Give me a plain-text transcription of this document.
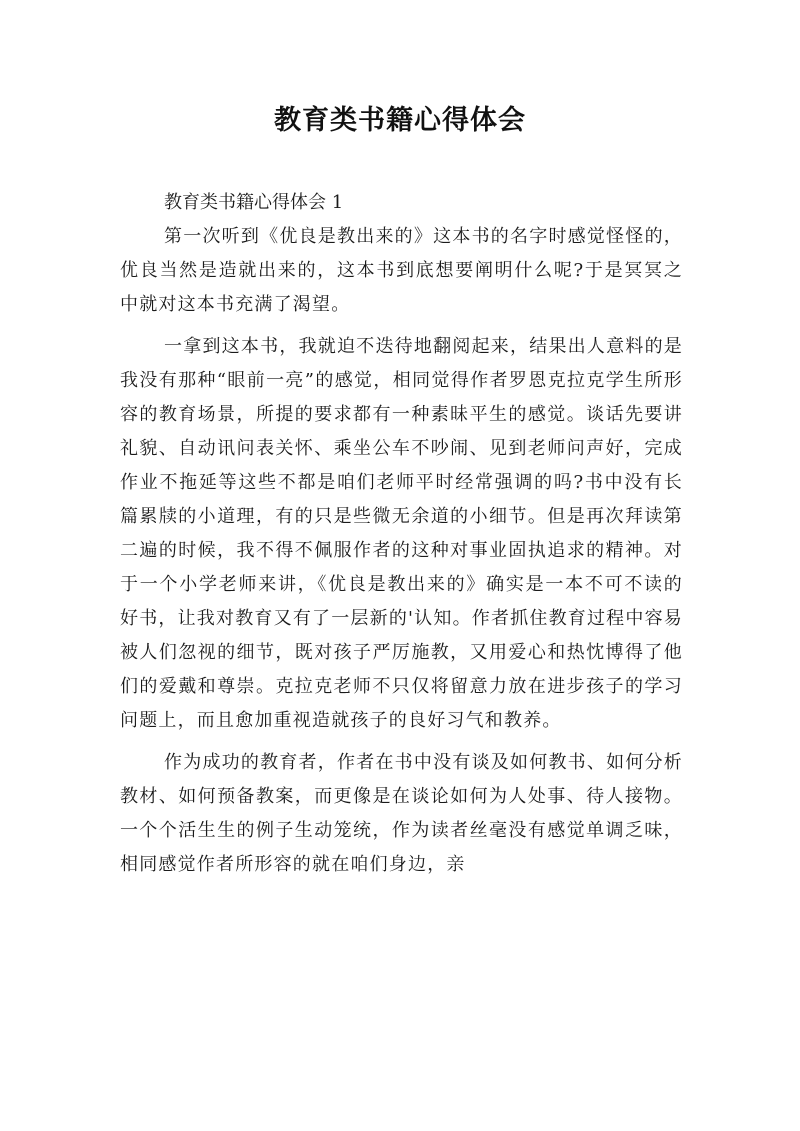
教育类书籍心得体会

教育类书籍心得体会 1

第一次听到《优良是教出来的》这本书的名字时感觉怪怪的，优良当然是造就出来的，这本书到底想要阐明什么呢?于是冥冥之中就对这本书充满了渴望。

一拿到这本书，我就迫不迭待地翻阅起来，结果出人意料的是我没有那种“眼前一亮”的感觉，相同觉得作者罗恩克拉克学生所形容的教育场景，所提的要求都有一种素昧平生的感觉。谈话先要讲礼貌、自动讯问表关怀、乘坐公车不吵闹、见到老师问声好，完成作业不拖延等这些不都是咱们老师平时经常强调的吗?书中没有长篇累牍的小道理，有的只是些微无余道的小细节。但是再次拜读第二遍的时候，我不得不佩服作者的这种对事业固执追求的精神。对于一个小学老师来讲，《优良是教出来的》确实是一本不可不读的好书，让我对教育又有了一层新的'认知。作者抓住教育过程中容易被人们忽视的细节，既对孩子严厉施教，又用爱心和热忱博得了他们的爱戴和尊崇。克拉克老师不只仅将留意力放在进步孩子的学习问题上，而且愈加重视造就孩子的良好习气和教养。

作为成功的教育者，作者在书中没有谈及如何教书、如何分析教材、如何预备教案，而更像是在谈论如何为人处事、待人接物。一个个活生生的例子生动笼统，作为读者丝毫没有感觉单调乏味，相同感觉作者所形容的就在咱们身边，亲
